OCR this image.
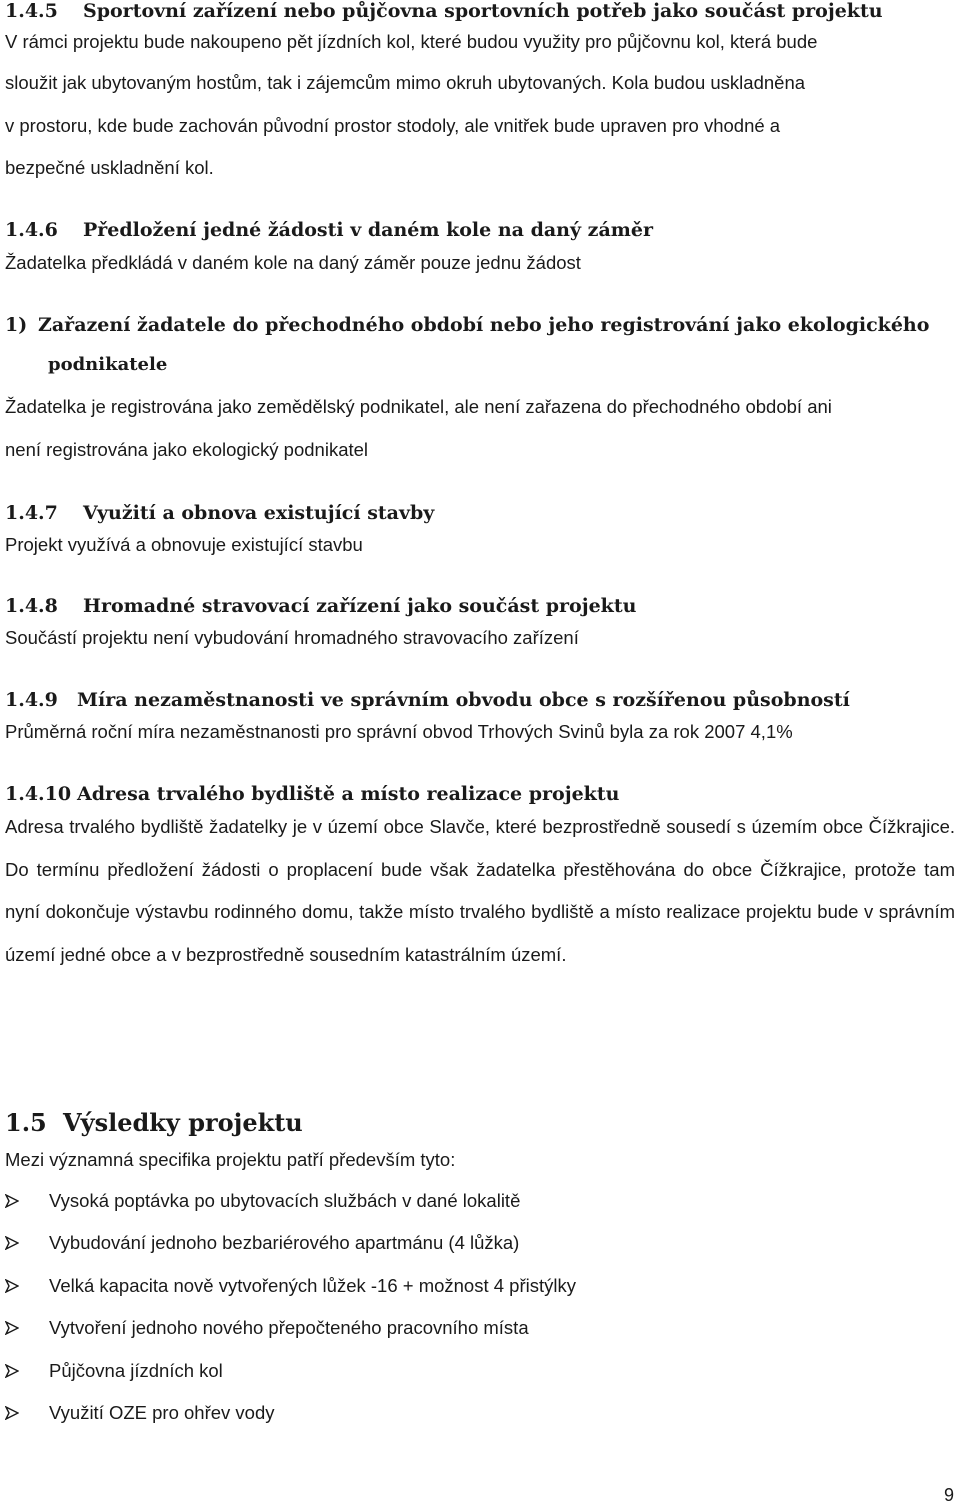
1.4.5 Sportovní zařízení nebo půjčovna sportovních potřeb jako součást projektu
V rámci projektu bude nakoupeno pět jízdních kol, které budou využity pro půjčovnu kol, která bude
sloužit jak ubytovaným hostům, tak i zájemcům mimo okruh ubytovaných. Kola budou uskladněna
v prostoru, kde bude zachován původní prostor stodoly, ale vnitřek bude upraven pro vhodné a
bezpečné uskladnění kol.
1.4.6 Předložení jedné žádosti v daném kole na daný záměr
Žadatelka předkládá v daném kole na daný záměr pouze jednu žádost
1) Zařazení žadatele do přechodného období nebo jeho registrování jako ekologického
podnikatele
Žadatelka je registrována jako zemědělský podnikatel, ale není zařazena do přechodného období ani
není registrována jako ekologický podnikatel
1.4.7 Využití a obnova existující stavby
Projekt využívá a obnovuje existující stavbu
1.4.8 Hromadné stravovací zařízení jako součást projektu
Součástí projektu není vybudování hromadného stravovacího zařízení
1.4.9 Míra nezaměstnanosti ve správním obvodu obce s rozšířenou působností
Průměrná roční míra nezaměstnanosti pro správní obvod Trhových Svinů byla za rok 2007 4,1%
1.4.10 Adresa trvalého bydliště a místo realizace projektu
Adresa trvalého bydliště žadatelky je v území obce Slavče, které bezprostředně sousedí s územím obce Čížkrajice. Do termínu předložení žádosti o proplacení bude však žadatelka přestěhována do obce Čížkrajice, protože tam nyní dokončuje výstavbu rodinného domu, takže místo trvalého bydliště a místo realizace projektu bude v správním území jedné obce a v bezprostředně sousedním katastrálním území.
1.5 Výsledky projektu
Mezi významná specifika projektu patří především tyto:
Vysoká poptávka po ubytovacích službách v dané lokalitě
Vybudování jednoho bezbariérového apartmánu (4 lůžka)
Velká kapacita nově vytvořených lůžek -16 + možnost 4 přistýlky
Vytvoření jednoho nového přepočteného pracovního místa
Půjčovna jízdních kol
Využití OZE pro ohřev vody
9
